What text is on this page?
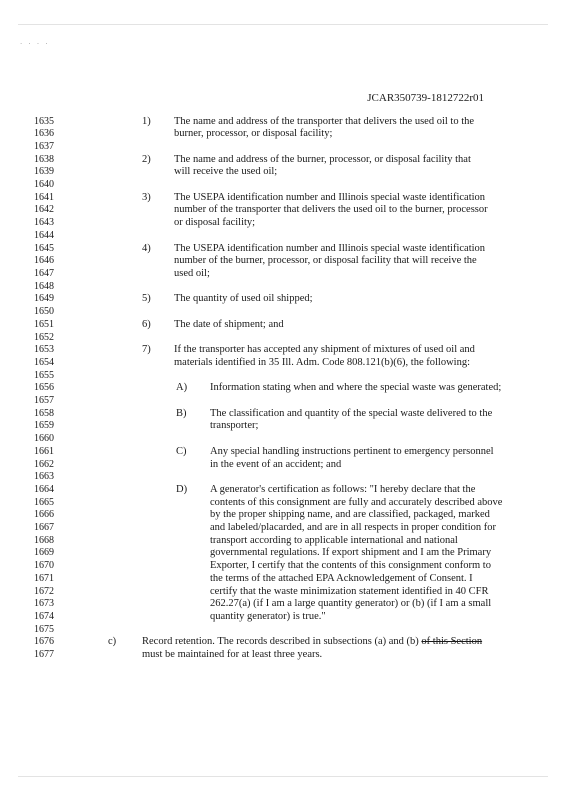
· · · ·
JCAR350739-1812722r01
1635
1636
1637
1638
1639
1640
1641
1642
1643
1644
1645
1646
1647
1648
1649
1650
1651
1652
1653
1654
1655
1656
1657
1658
1659
1660
1661
1662
1663
1664
1665
1666
1667
1668
1669
1670
1671
1672
1673
1674
1675
1676
1677
1) The name and address of the transporter that delivers the used oil to the
burner, processor, or disposal facility;
2) The name and address of the burner, processor, or disposal facility that
will receive the used oil;
3) The USEPA identification number and Illinois special waste identification
number of the transporter that delivers the used oil to the burner, processor
or disposal facility;
4) The USEPA identification number and Illinois special waste identification
number of the burner, processor, or disposal facility that will receive the
used oil;
5) The quantity of used oil shipped;
6) The date of shipment; and
7) If the transporter has accepted any shipment of mixtures of used oil and
materials identified in 35 Ill. Adm. Code 808.121(b)(6), the following:
A) Information stating when and where the special waste was generated;
B) The classification and quantity of the special waste delivered to the
transporter;
C) Any special handling instructions pertinent to emergency personnel
in the event of an accident; and
D) A generator's certification as follows: "I hereby declare that the
contents of this consignment are fully and accurately described above
by the proper shipping name, and are classified, packaged, marked
and labeled/placarded, and are in all respects in proper condition for
transport according to applicable international and national
governmental regulations. If export shipment and I am the Primary
Exporter, I certify that the contents of this consignment conform to
the terms of the attached EPA Acknowledgement of Consent. I
certify that the waste minimization statement identified in 40 CFR
262.27(a) (if I am a large quantity generator) or (b) (if I am a small
quantity generator) is true."
c) Record retention. The records described in subsections (a) and (b) of this Section
must be maintained for at least three years.
